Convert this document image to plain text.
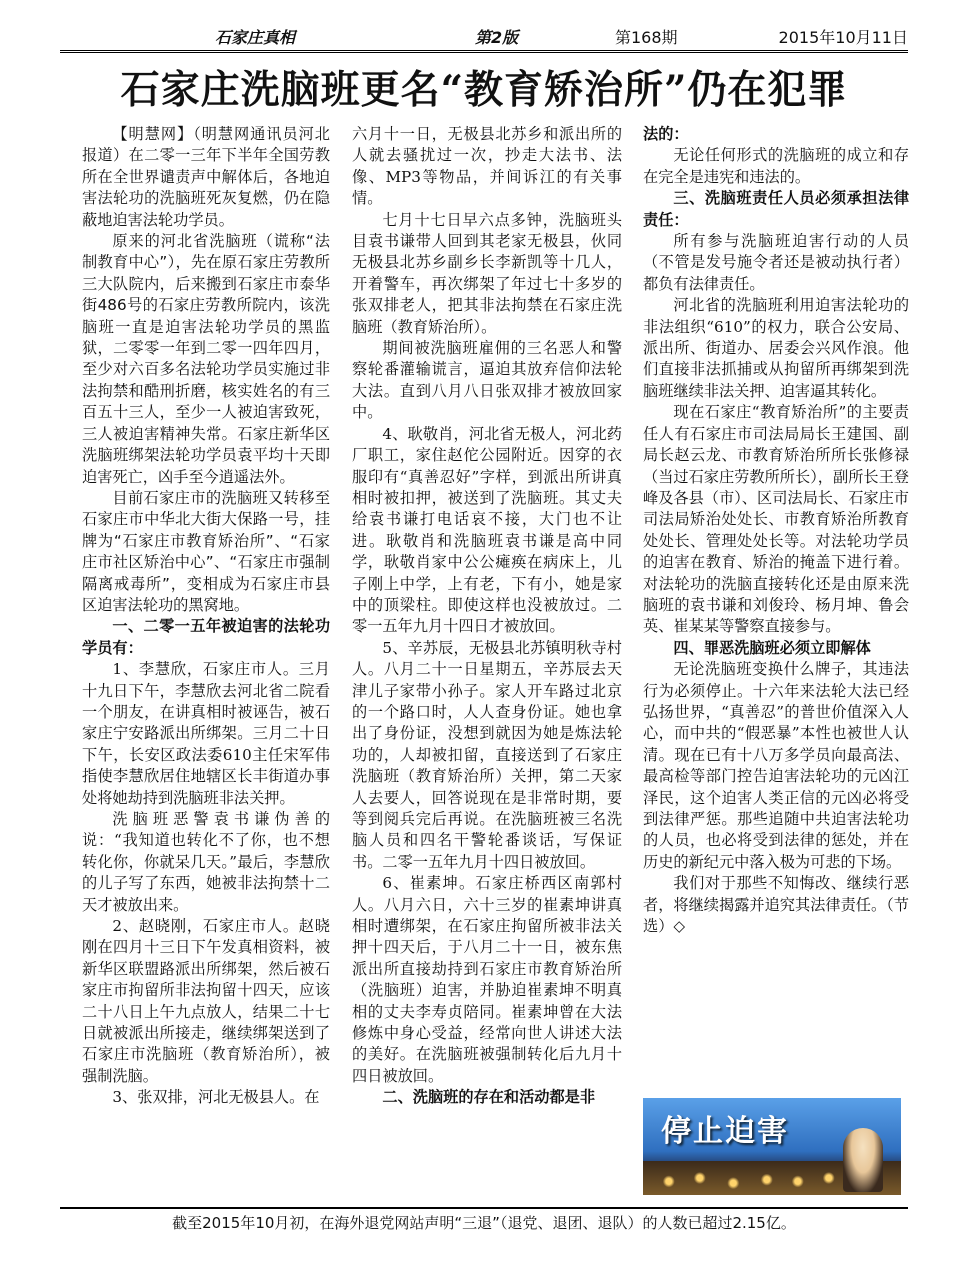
石家庄真相	第2版	第168期	2015年10月11日
石家庄洗脑班更名“教育矫治所”仍在犯罪

【明慧网】（明慧网通讯员河北报道）在二零一三年下半年全国劳教所在全世界谴责声中解体后，各地迫害法轮功的洗脑班死灰复燃，仍在隐蔽地迫害法轮功学员。

原来的河北省洗脑班（谎称“法制教育中心”），先在原石家庄劳教所三大队院内，后来搬到石家庄市泰华街486号的石家庄劳教所院内，该洗脑班一直是迫害法轮功学员的黑监狱，二零零一年到二零一四年四月，至少对六百多名法轮功学员实施过非法拘禁和酷刑折磨，核实姓名的有三百五十三人，至少一人被迫害致死，三人被迫害精神失常。石家庄新华区洗脑班绑架法轮功学员袁平均十天即迫害死亡，凶手至今逍遥法外。

目前石家庄市的洗脑班又转移至石家庄市中华北大街大保路一号，挂牌为“石家庄市教育矫治所”、“石家庄市社区矫治中心”、“石家庄市强制隔离戒毒所”，变相成为石家庄市县区迫害法轮功的黑窝地。

一、二零一五年被迫害的法轮功学员有：

1、李慧欣，石家庄市人。三月十九日下午，李慧欣去河北省二院看一个朋友，在讲真相时被诬告，被石家庄宁安路派出所绑架。三月二十日下午，长安区政法委610主任宋军伟指使李慧欣居住地辖区长丰街道办事处将她劫持到洗脑班非法关押。

洗脑班恶警袁书谦伪善的说：“我知道也转化不了你，也不想转化你，你就呆几天。”最后，李慧欣的儿子写了东西，她被非法拘禁十二天才被放出来。

2、赵晓刚，石家庄市人。赵晓刚在四月十三日下午发真相资料，被新华区联盟路派出所绑架，然后被石家庄市拘留所非法拘留十四天，应该二十八日上午九点放人，结果二十七日就被派出所接走，继续绑架送到了石家庄市洗脑班（教育矫治所），被强制洗脑。

3、张双排，河北无极县人。在

六月十一日，无极县北苏乡和派出所的人就去骚扰过一次，抄走大法书、法像、MP3等物品，并间诉江的有关事情。

七月十七日早六点多钟，洗脑班头目袁书谦带人回到其老家无极县，伙同无极县北苏乡副乡长李新凯等十几人，开着警车，再次绑架了年过七十多岁的张双排老人，把其非法拘禁在石家庄洗脑班（教育矫治所）。

期间被洗脑班雇佣的三名恶人和警察轮番灌输谎言，逼迫其放弃信仰法轮大法。直到八月八日张双排才被放回家中。

4、耿敬肖，河北省无极人，河北药厂职工，家住赵佗公园附近。因穿的衣服印有“真善忍好”字样，到派出所讲真相时被扣押，被送到了洗脑班。其丈夫给袁书谦打电话哀不接，大门也不让进。耿敬肖和洗脑班袁书谦是高中同学，耿敬肖家中公公瘫痪在病床上，儿子刚上中学，上有老，下有小，她是家中的顶梁柱。即使这样也没被放过。二零一五年九月十四日才被放回。

5、辛苏辰，无极县北苏镇明秋寺村人。八月二十一日星期五，辛苏辰去天津儿子家带小孙子。家人开车路过北京的一个路口时，人人查身份证。她也拿出了身份证，没想到就因为她是炼法轮功的，人却被扣留，直接送到了石家庄洗脑班（教育矫治所）关押，第二天家人去要人，回答说现在是非常时期，要等到阅兵完后再说。在洗脑班被三名洗脑人员和四名干警轮番谈话，写保证书。二零一五年九月十四日被放回。

6、崔素坤。石家庄桥西区南郭村人。八月六日，六十三岁的崔素坤讲真相时遭绑架，在石家庄拘留所被非法关押十四天后，于八月二十一日，被东焦派出所直接劫持到石家庄市教育矫治所（洗脑班）迫害，并胁迫崔素坤不明真相的丈夫李寿贞陪同。崔素坤曾在大法修炼中身心受益，经常向世人讲述大法的美好。在洗脑班被强制转化后九月十四日被放回。

二、洗脑班的存在和活动都是非

法的：

无论任何形式的洗脑班的成立和存在完全是违宪和违法的。

三、洗脑班责任人员必须承担法律责任：

所有参与洗脑班迫害行动的人员（不管是发号施令者还是被动执行者）都负有法律责任。

河北省的洗脑班利用迫害法轮功的非法组织“610”的权力，联合公安局、派出所、街道办、居委会兴风作浪。他们直接非法抓捕或从拘留所再绑架到洗脑班继续非法关押、迫害逼其转化。

现在石家庄“教育矫治所”的主要责任人有石家庄市司法局局长王建国、副局长赵云龙、市教育矫治所所长张修禄（当过石家庄劳教所所长），副所长王登峰及各县（市）、区司法局长、石家庄市司法局矫治处处长、市教育矫治所教育处处长、管理处处长等。对法轮功学员的迫害在教育、矫治的掩盖下进行着。对法轮功的洗脑直接转化还是由原来洗脑班的袁书谦和刘俊玲、杨月坤、鲁会英、崔某某等警察直接参与。

四、罪恶洗脑班必须立即解体

无论洗脑班变换什么牌子，其违法行为必须停止。十六年来法轮大法已经弘扬世界，“真善忍”的普世价值深入人心，而中共的“假恶暴”本性也被世人认清。现在已有十八万多学员向最高法、最高检等部门控告迫害法轮功的元凶江泽民，这个迫害人类正信的元凶必将受到法律严惩。那些追随中共迫害法轮功的人员，也必将受到法律的惩处，并在历史的新纪元中落入极为可悲的下场。

我们对于那些不知悔改、继续行恶者，将继续揭露并追究其法律责任。（节选）◇

停止迫害
截至2015年10月初，在海外退党网站声明“三退”（退党、退团、退队）的人数已超过2.15亿。
